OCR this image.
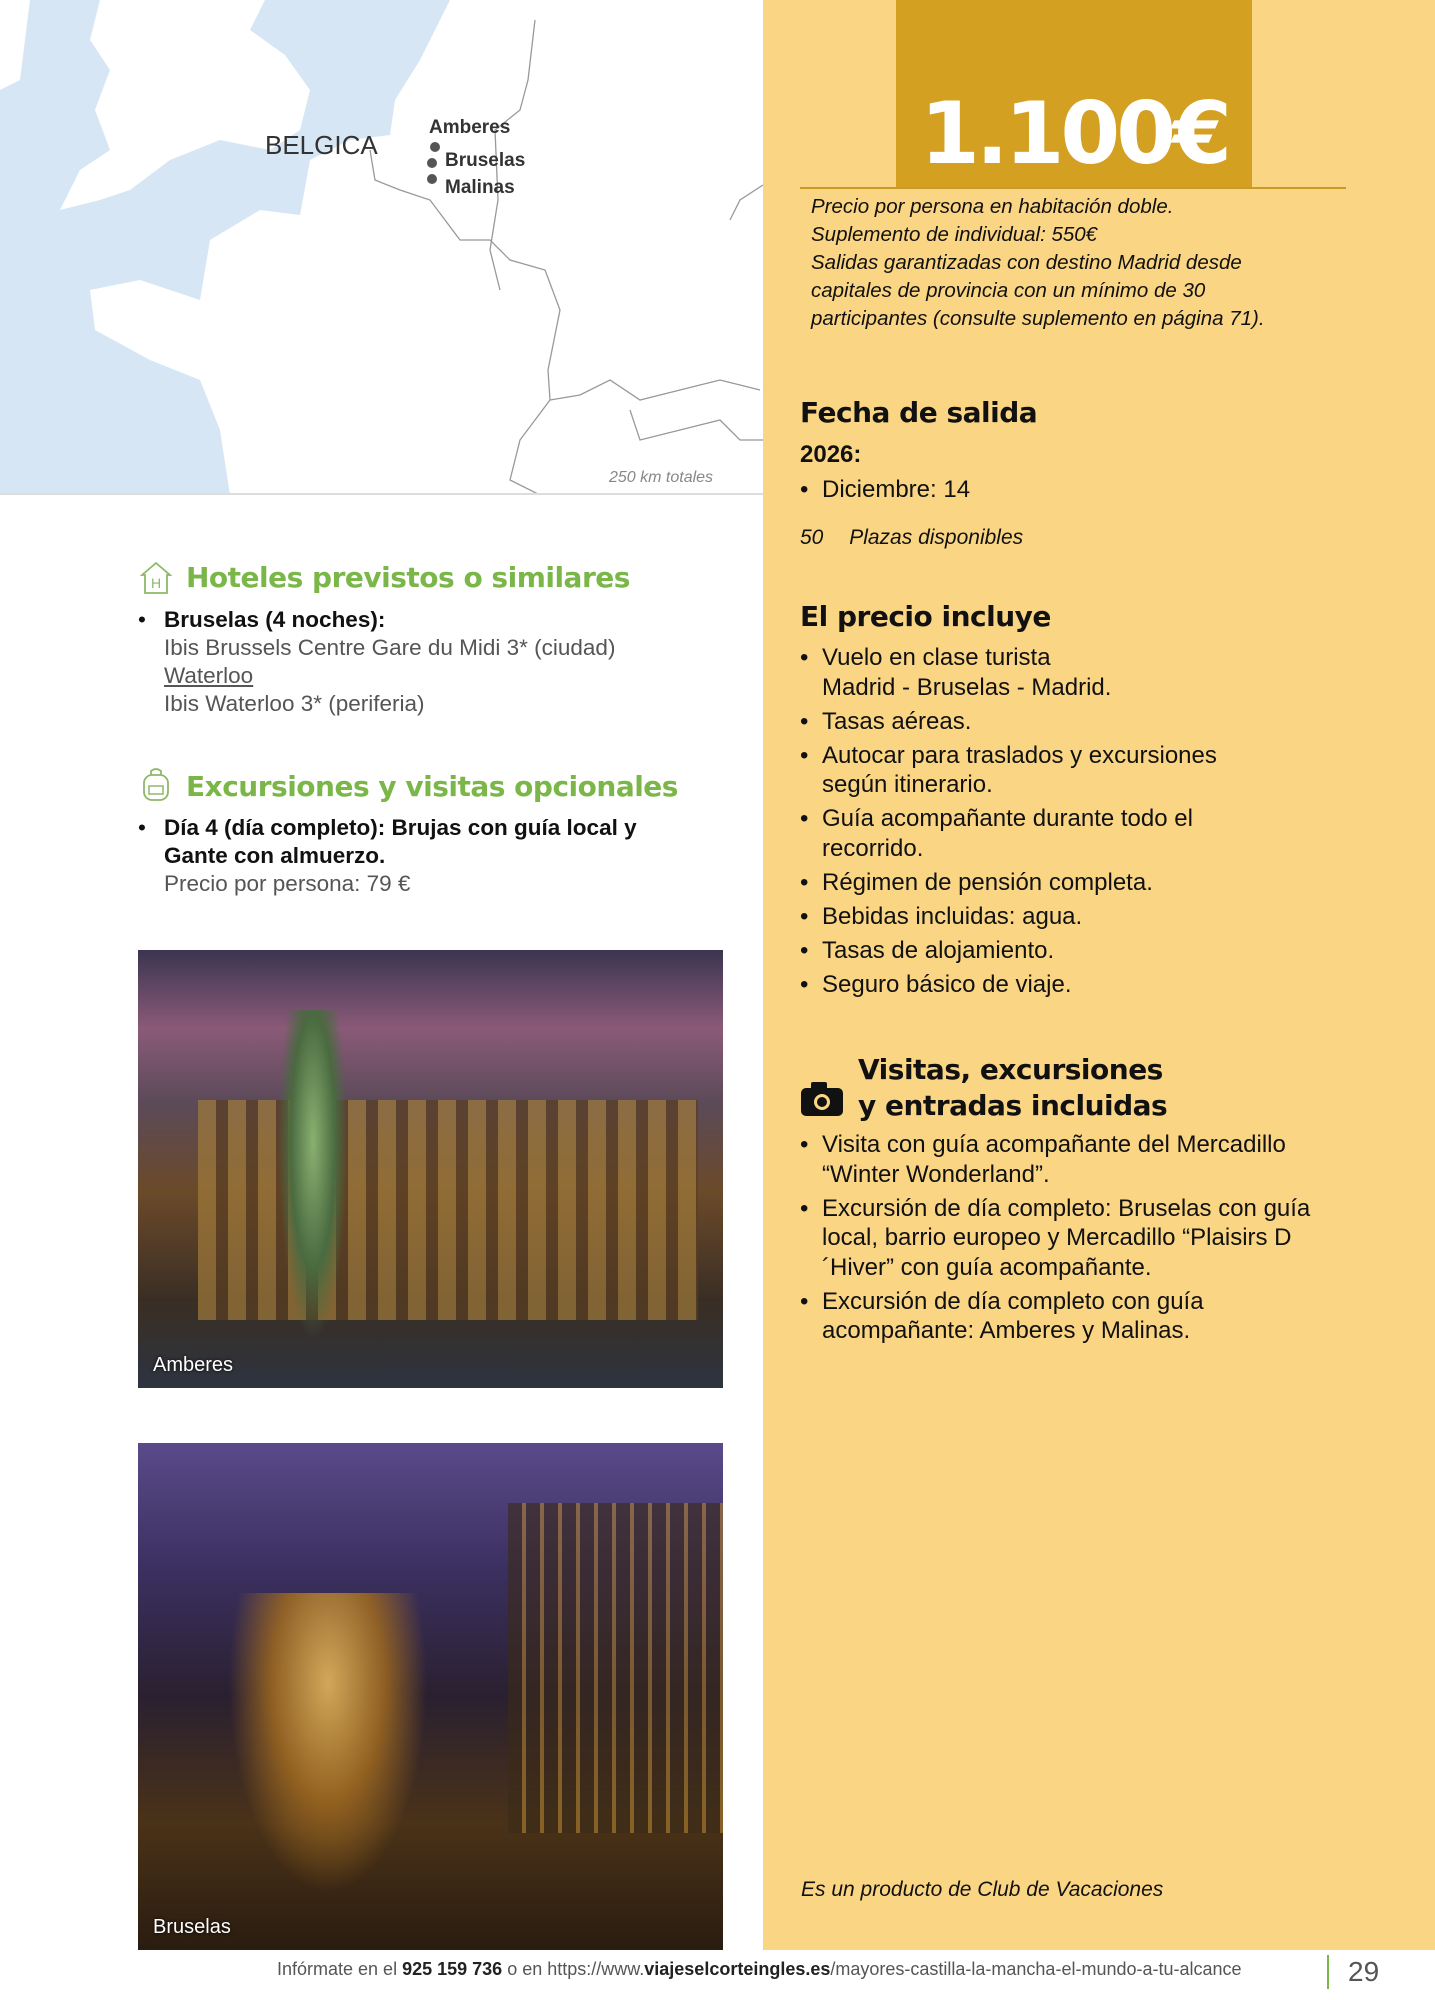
BELGICA
Amberes
Bruselas
Malinas
250 km totales
1.100€
Precio por persona en habitación doble.
Suplemento de individual: 550€
Salidas garantizadas con destino Madrid desde
capitales de provincia con un mínimo de 30
participantes (consulte suplemento en página 71).
Fecha de salida
2026:
• Diciembre: 14
50 Plazas disponibles
El precio incluye
• Vuelo en clase turista Madrid - Bruselas - Madrid.
• Tasas aéreas.
• Autocar para traslados y excursiones según itinerario.
• Guía acompañante durante todo el recorrido.
• Régimen de pensión completa.
• Bebidas incluidas: agua.
• Tasas de alojamiento.
• Seguro básico de viaje.
Visitas, excursiones
y entradas incluidas
• Visita con guía acompañante del Mercadillo “Winter Wonderland”.
• Excursión de día completo: Bruselas con guía local, barrio europeo y Mercadillo “Plaisirs D´Hiver” con guía acompañante.
• Excursión de día completo con guía acompañante: Amberes y Malinas.
Es un producto de Club de Vacaciones
H Hoteles previstos o similares
• Bruselas (4 noches):
Ibis Brussels Centre Gare du Midi 3* (ciudad)
Waterloo
Ibis Waterloo 3* (periferia)
Excursiones y visitas opcionales
• Día 4 (día completo): Brujas con guía local y Gante con almuerzo.
Precio por persona: 79 €
Amberes
Bruselas
Infórmate en el 925 159 736 o en https://www.viajeselcorteingles.es/mayores-castilla-la-mancha-el-mundo-a-tu-alcance	29
